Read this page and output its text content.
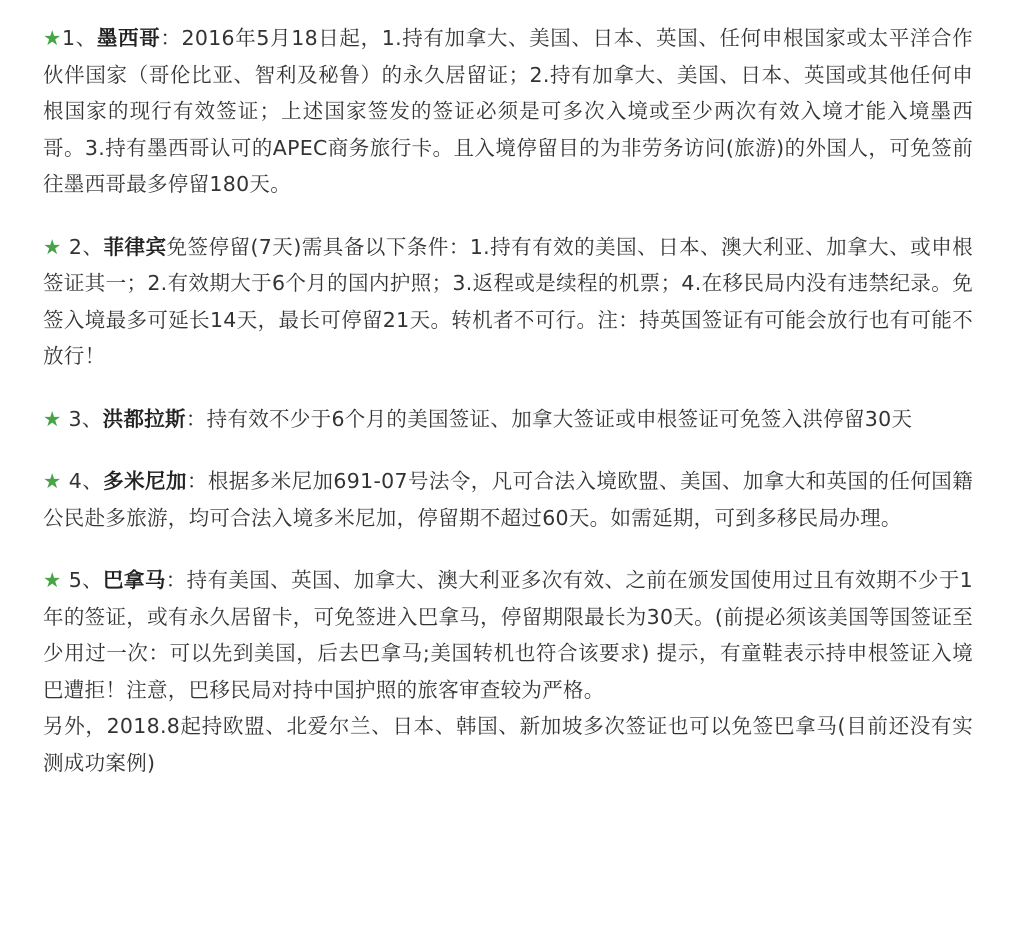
★1、墨西哥：2016年5月18日起，1.持有加拿大、美国、日本、英国、任何申根国家或太平洋合作伙伴国家（哥伦比亚、智利及秘鲁）的永久居留证；2.持有加拿大、美国、日本、英国或其他任何申根国家的现行有效签证；上述国家签发的签证必须是可多次入境或至少两次有效入境才能入境墨西哥。3.持有墨西哥认可的APEC商务旅行卡。且入境停留目的为非劳务访问(旅游)的外国人，可免签前往墨西哥最多停留180天。

★ 2、菲律宾免签停留(7天)需具备以下条件：1.持有有效的美国、日本、澳大利亚、加拿大、或申根签证其一；2.有效期大于6个月的国内护照；3.返程或是续程的机票；4.在移民局内没有违禁纪录。免签入境最多可延长14天，最长可停留21天。转机者不可行。注：持英国签证有可能会放行也有可能不放行！

★ 3、洪都拉斯：持有效不少于6个月的美国签证、加拿大签证或申根签证可免签入洪停留30天

★ 4、多米尼加：根据多米尼加691-07号法令，凡可合法入境欧盟、美国、加拿大和英国的任何国籍公民赴多旅游，均可合法入境多米尼加，停留期不超过60天。如需延期，可到多移民局办理。

★ 5、巴拿马：持有美国、英国、加拿大、澳大利亚多次有效、之前在颁发国使用过且有效期不少于1年的签证，或有永久居留卡，可免签进入巴拿马，停留期限最长为30天。(前提必须该美国等国签证至少用过一次：可以先到美国，后去巴拿马;美国转机也符合该要求) 提示，有童鞋表示持申根签证入境巴遭拒！注意，巴移民局对持中国护照的旅客审查较为严格。

另外，2018.8起持欧盟、北爱尔兰、日本、韩国、新加坡多次签证也可以免签巴拿马(目前还没有实测成功案例)
